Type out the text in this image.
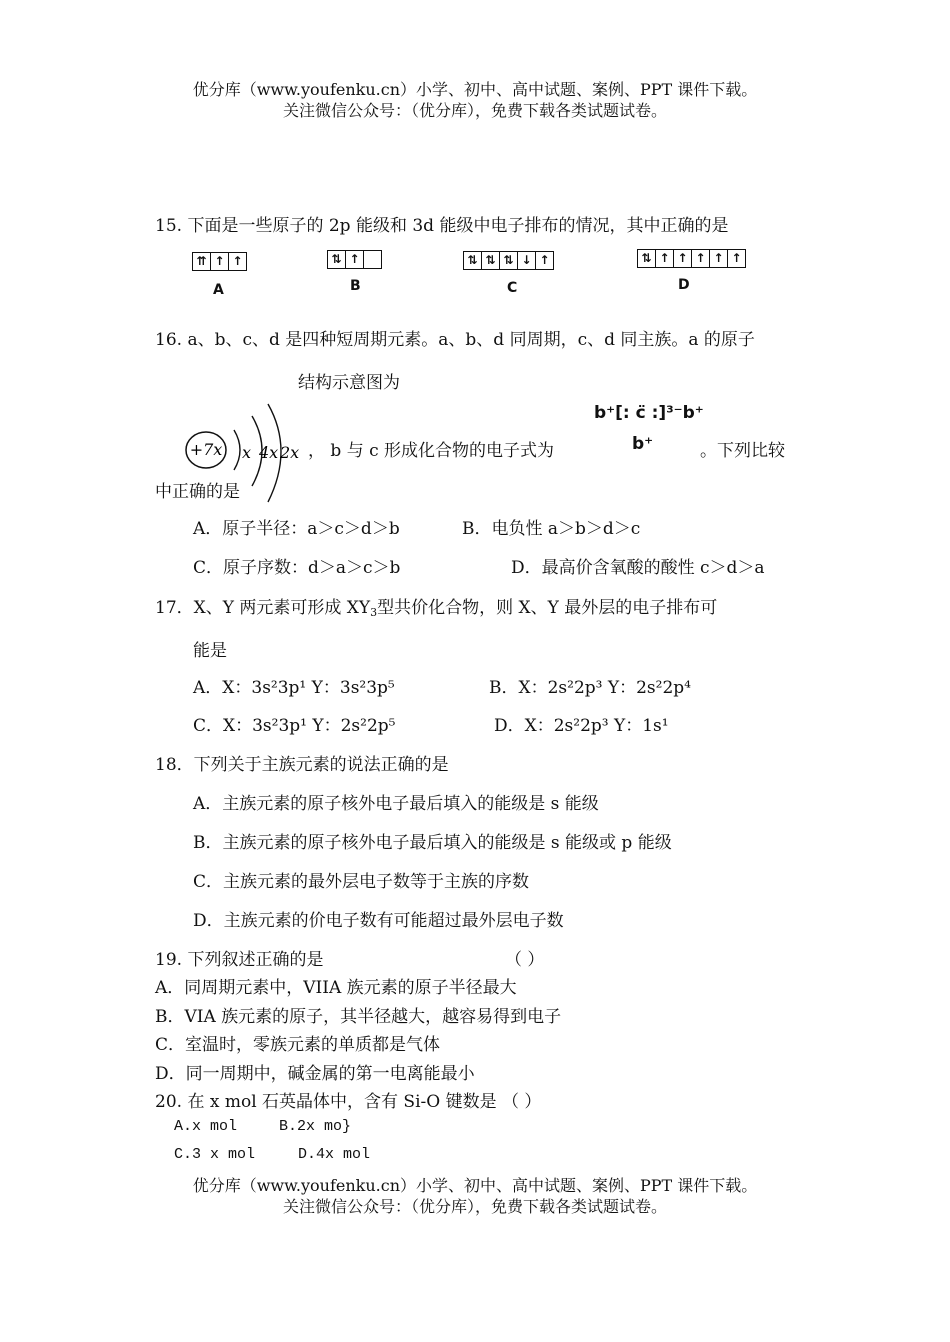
优分库（www.youfenku.cn）小学、初中、高中试题、案例、PPT 课件下载。
关注微信公众号：（优分库），免费下载各类试题试卷。
15. 下面是一些原子的 2p 能级和 3d 能级中电子排布的情况，其中正确的是
⇈ ↑ ↑
A
⇅ ↑
B
⇅ ⇅ ⇅ ↓ ↑
C
⇅ ↑ ↑ ↑ ↑ ↑
D
16. a、b、c、d 是四种短周期元素。a、b、d 同周期，c、d 同主族。a 的原子
结构示意图为
+7x x 4x 2x ， b 与 c 形成化合物的电子式为
b⁺[: c̈ :]³⁻b⁺
b⁺	。下列比较
中正确的是
A．原子半径：a＞c＞d＞b	B．电负性 a＞b＞d＞c
C．原子序数：d＞a＞c＞b	D．最高价含氧酸的酸性 c＞d＞a
17．X、Y 两元素可形成 $XY_3$型共价化合物，则 X、Y 最外层的电子排布可
能是
A．X：3s²3p¹ Y：3s²3p⁵	B．X：2s²2p³ Y：2s²2p⁴
C．X：3s²3p¹ Y：2s²2p⁵	D．X：2s²2p³ Y：1s¹
18．下列关于主族元素的说法正确的是
A．主族元素的原子核外电子最后填入的能级是 s 能级
B．主族元素的原子核外电子最后填入的能级是 s 能级或 p 能级
C．主族元素的最外层电子数等于主族的序数
D．主族元素的价电子数有可能超过最外层电子数
19. 下列叙述正确的是	（ ）
A．同周期元素中，VIIA 族元素的原子半径最大
B．VIA 族元素的原子，其半径越大，越容易得到电子
C．室温时，零族元素的单质都是气体
D．同一周期中，碱金属的第一电离能最小
20. 在 x mol 石英晶体中，含有 Si-O 键数是 （ ）
A.x mol	B.2x mo}
C.3 x mol	D.4x mol
优分库（www.youfenku.cn）小学、初中、高中试题、案例、PPT 课件下载。
关注微信公众号：（优分库），免费下载各类试题试卷。
